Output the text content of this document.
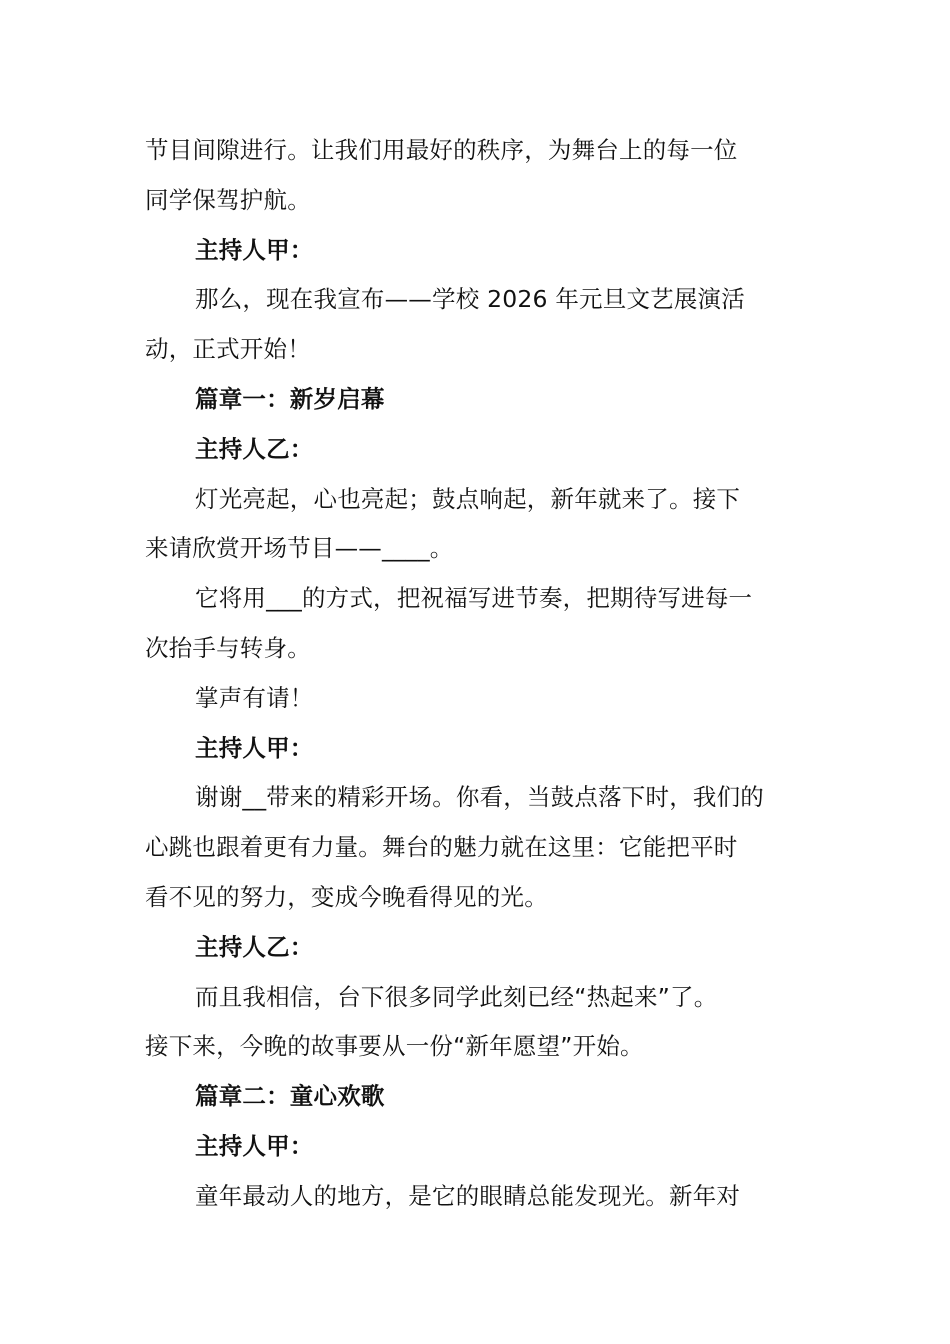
节目间隙进行。让我们用最好的秩序，为舞台上的每一位
同学保驾护航。
主持人甲：
那么，现在我宣布——学校 2026 年元旦文艺展演活
动，正式开始！
篇章一：新岁启幕
主持人乙：
灯光亮起，心也亮起；鼓点响起，新年就来了。接下
来请欣赏开场节目——____。
它将用___的方式，把祝福写进节奏，把期待写进每一
次抬手与转身。
掌声有请！
主持人甲：
谢谢__带来的精彩开场。你看，当鼓点落下时，我们的
心跳也跟着更有力量。舞台的魅力就在这里：它能把平时
看不见的努力，变成今晚看得见的光。
主持人乙：
而且我相信，台下很多同学此刻已经“热起来”了。
接下来，今晚的故事要从一份“新年愿望”开始。
篇章二：童心欢歌
主持人甲：
童年最动人的地方，是它的眼睛总能发现光。新年对
